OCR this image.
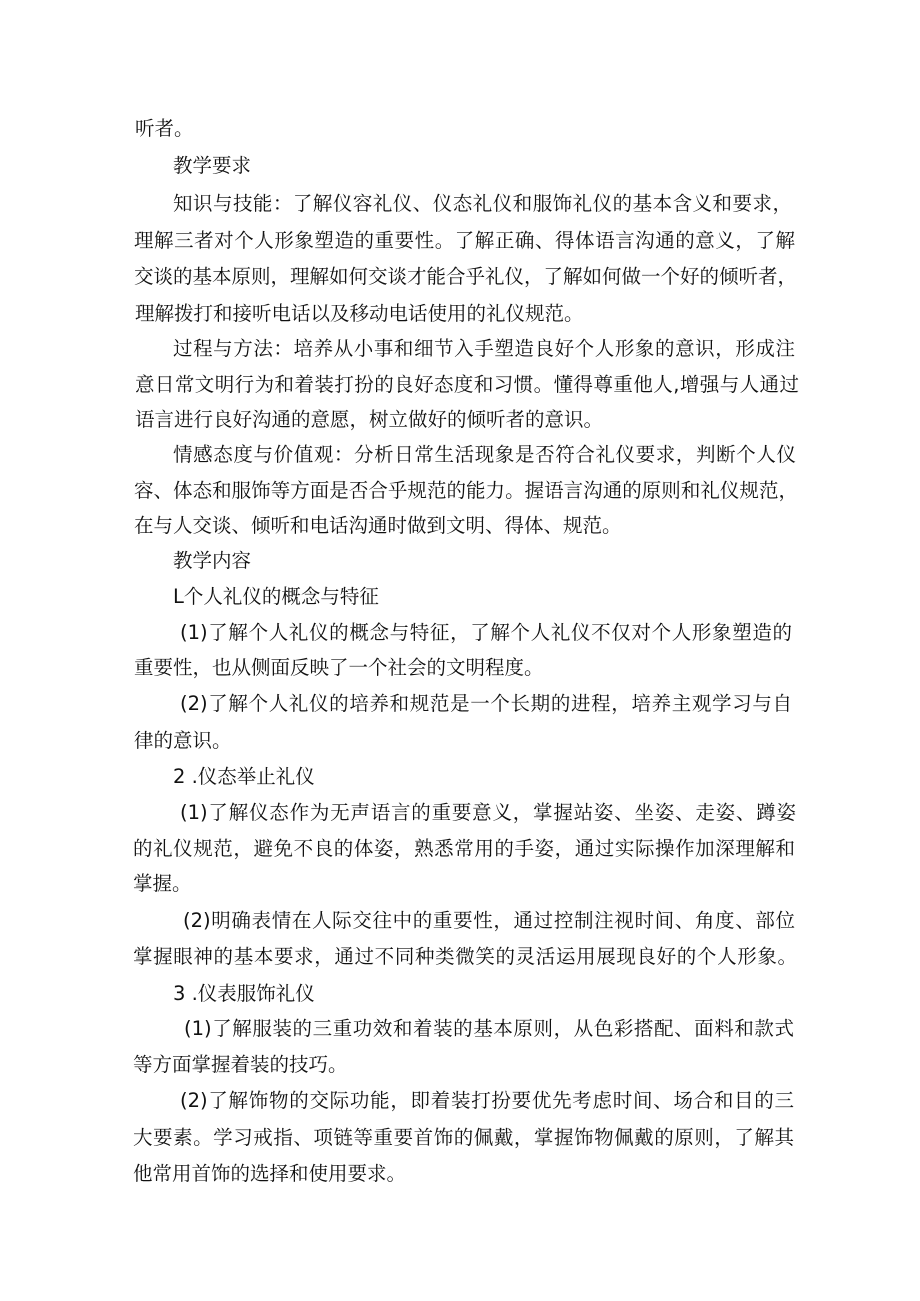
听者。
教学要求
知识与技能：了解仪容礼仪、仪态礼仪和服饰礼仪的基本含义和要求，
理解三者对个人形象塑造的重要性。了解正确、得体语言沟通的意义，了解
交谈的基本原则，理解如何交谈才能合乎礼仪，了解如何做一个好的倾听者，
理解拨打和接听电话以及移动电话使用的礼仪规范。
过程与方法：培养从小事和细节入手塑造良好个人形象的意识，形成注
意日常文明行为和着装打扮的良好态度和习惯。懂得尊重他人,增强与人通过
语言进行良好沟通的意愿，树立做好的倾听者的意识。
情感态度与价值观：分析日常生活现象是否符合礼仪要求，判断个人仪
容、体态和服饰等方面是否合乎规范的能力。握语言沟通的原则和礼仪规范，
在与人交谈、倾听和电话沟通时做到文明、得体、规范。
教学内容
L个人礼仪的概念与特征
(1)了解个人礼仪的概念与特征，了解个人礼仪不仅对个人形象塑造的
重要性，也从侧面反映了一个社会的文明程度。
(2)了解个人礼仪的培养和规范是一个长期的进程，培养主观学习与自
律的意识。
2 .仪态举止礼仪
(1)了解仪态作为无声语言的重要意义，掌握站姿、坐姿、走姿、蹲姿
的礼仪规范，避免不良的体姿，熟悉常用的手姿，通过实际操作加深理解和
掌握。
(2)明确表情在人际交往中的重要性，通过控制注视时间、角度、部位
掌握眼神的基本要求，通过不同种类微笑的灵活运用展现良好的个人形象。
3 .仪表服饰礼仪
(1)了解服装的三重功效和着装的基本原则，从色彩搭配、面料和款式
等方面掌握着装的技巧。
(2)了解饰物的交际功能，即着装打扮要优先考虑时间、场合和目的三
大要素。学习戒指、项链等重要首饰的佩戴，掌握饰物佩戴的原则，了解其
他常用首饰的选择和使用要求。
